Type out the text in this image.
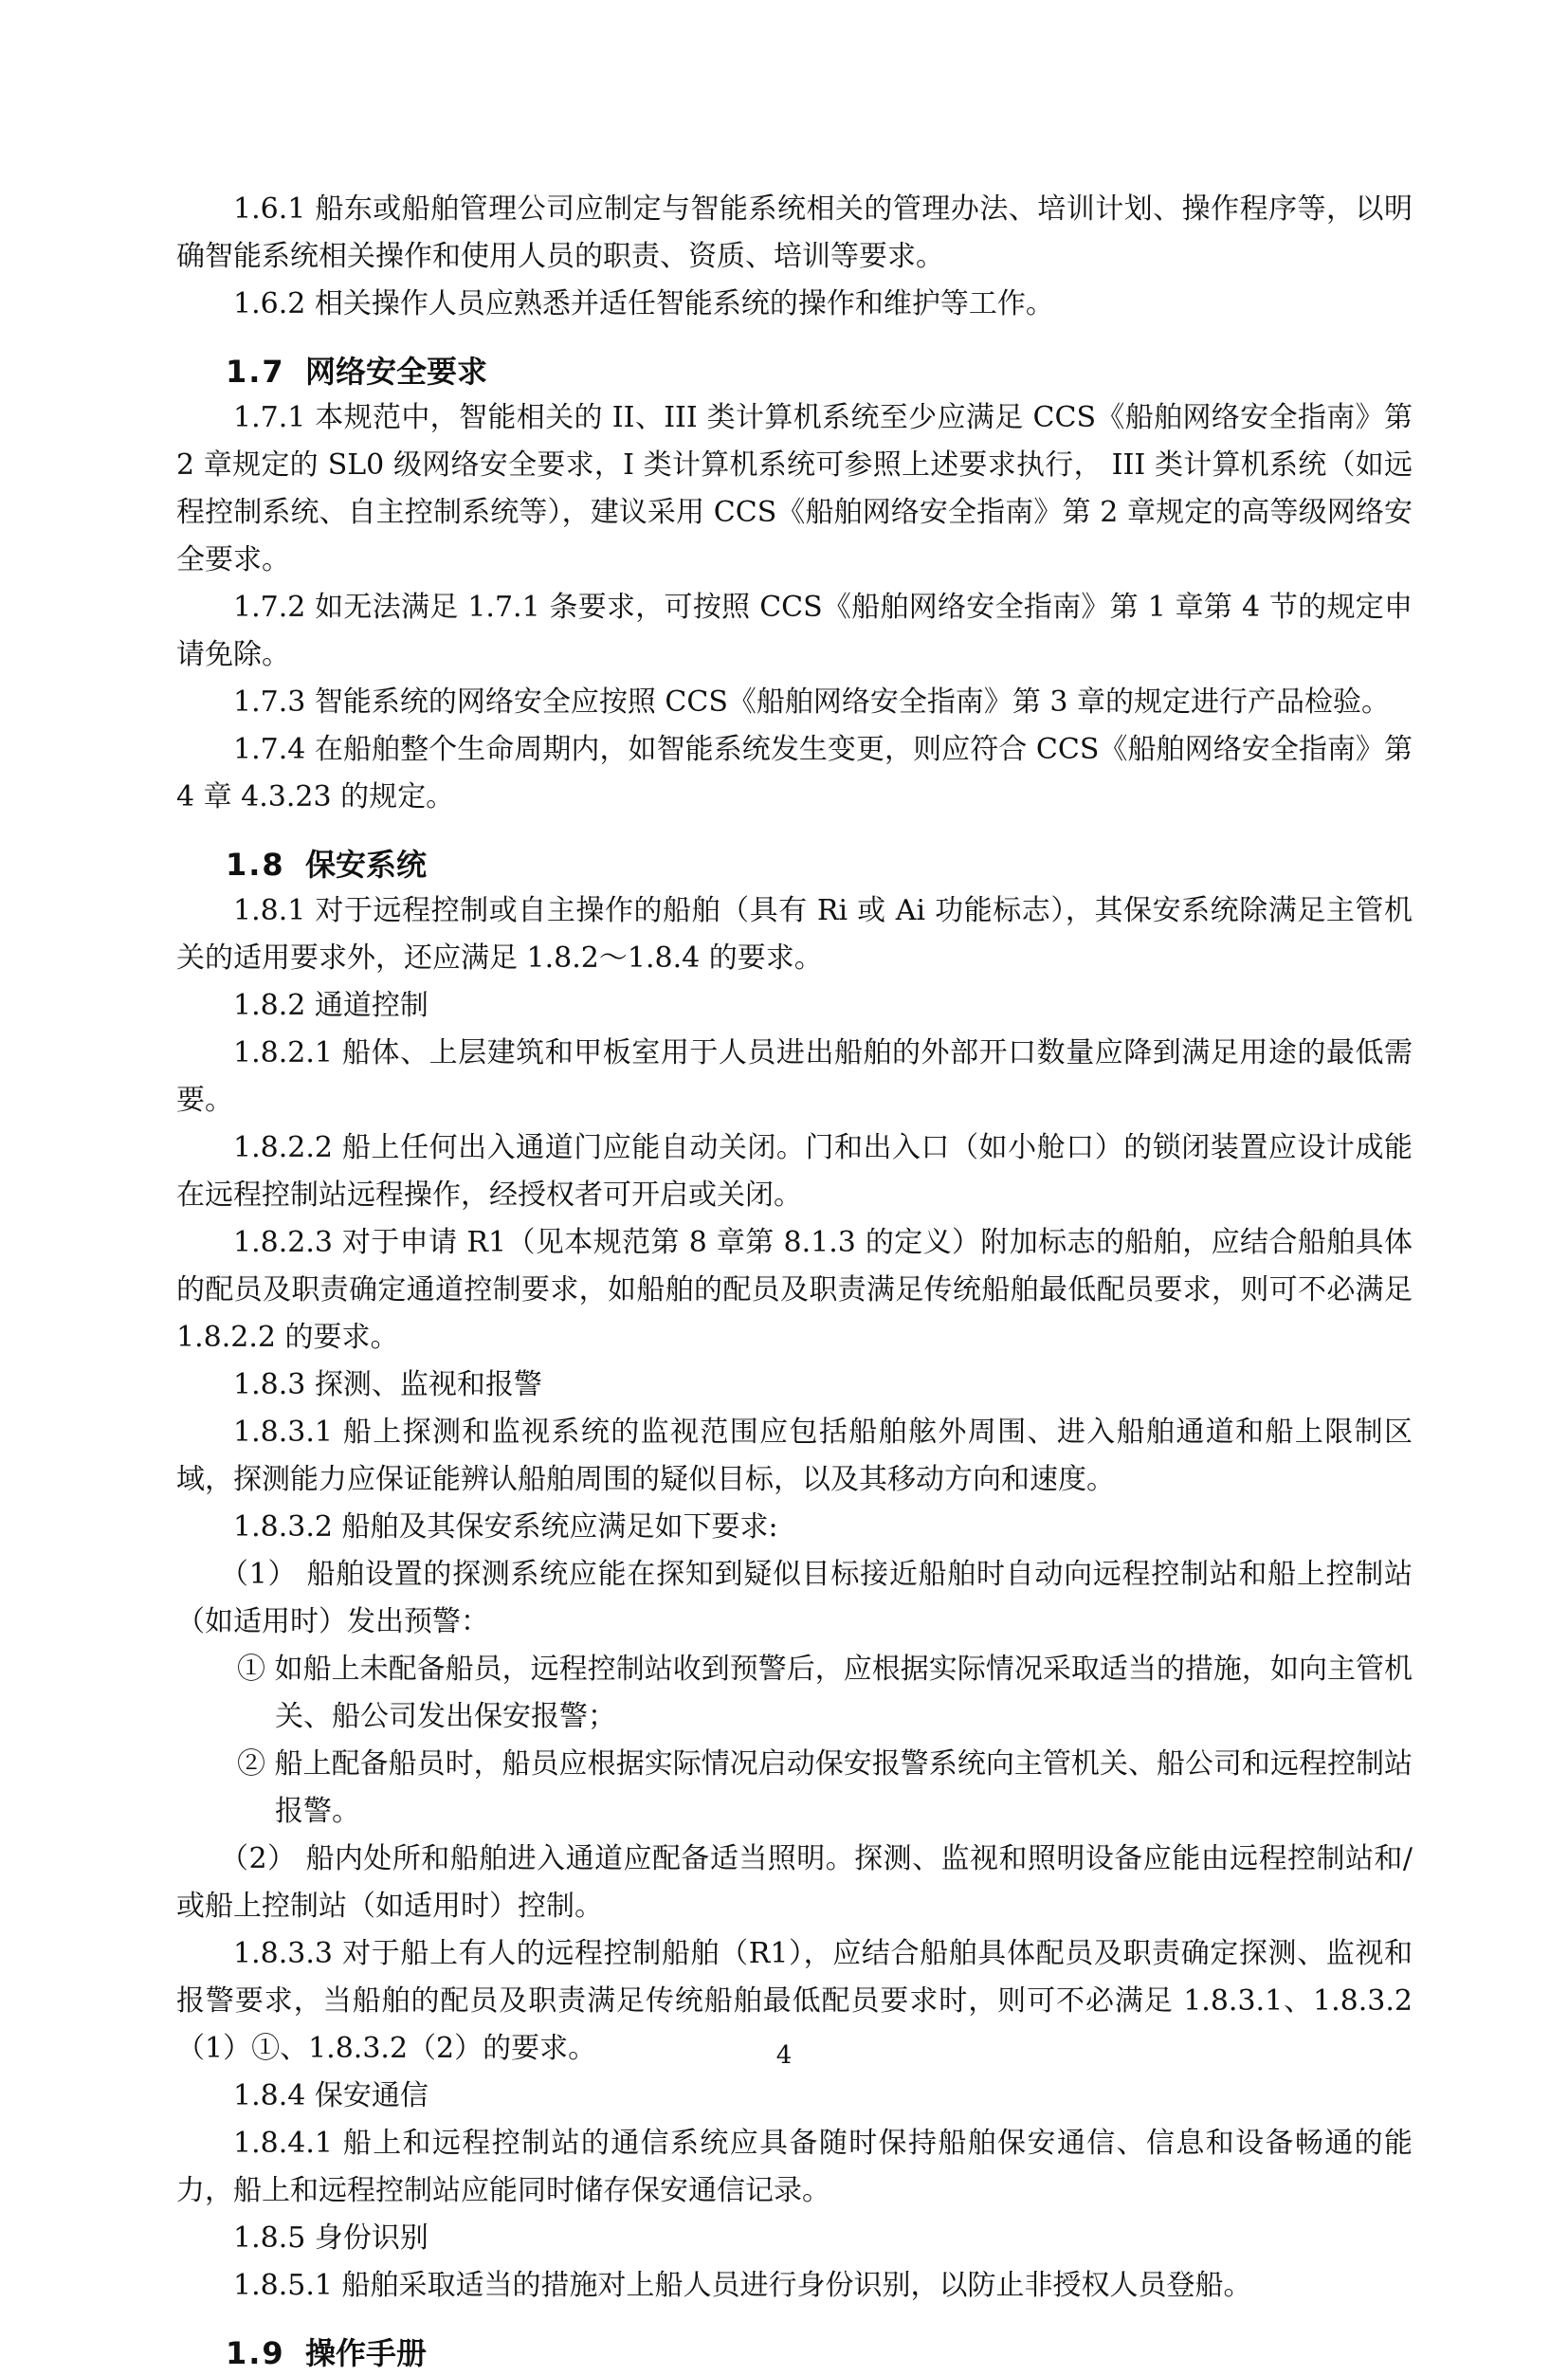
1.6.1 船东或船舶管理公司应制定与智能系统相关的管理办法、培训计划、操作程序等，以明确智能系统相关操作和使用人员的职责、资质、培训等要求。

1.6.2 相关操作人员应熟悉并适任智能系统的操作和维护等工作。

1.7 网络安全要求

1.7.1 本规范中，智能相关的 II、III 类计算机系统至少应满足 CCS《船舶网络安全指南》第 2 章规定的 SL0 级网络安全要求，I 类计算机系统可参照上述要求执行， III 类计算机系统（如远程控制系统、自主控制系统等），建议采用 CCS《船舶网络安全指南》第 2 章规定的高等级网络安全要求。

1.7.2 如无法满足 1.7.1 条要求，可按照 CCS《船舶网络安全指南》第 1 章第 4 节的规定申请免除。

1.7.3 智能系统的网络安全应按照 CCS《船舶网络安全指南》第 3 章的规定进行产品检验。

1.7.4 在船舶整个生命周期内，如智能系统发生变更，则应符合 CCS《船舶网络安全指南》第 4 章 4.3.23 的规定。

1.8 保安系统

1.8.1 对于远程控制或自主操作的船舶（具有 Ri 或 Ai 功能标志），其保安系统除满足主管机关的适用要求外，还应满足 1.8.2～1.8.4 的要求。

1.8.2 通道控制

1.8.2.1 船体、上层建筑和甲板室用于人员进出船舶的外部开口数量应降到满足用途的最低需要。

1.8.2.2 船上任何出入通道门应能自动关闭。门和出入口（如小舱口）的锁闭装置应设计成能在远程控制站远程操作，经授权者可开启或关闭。

1.8.2.3 对于申请 R1（见本规范第 8 章第 8.1.3 的定义）附加标志的船舶，应结合船舶具体的配员及职责确定通道控制要求，如船舶的配员及职责满足传统船舶最低配员要求，则可不必满足 1.8.2.2 的要求。

1.8.3 探测、监视和报警

1.8.3.1 船上探测和监视系统的监视范围应包括船舶舷外周围、进入船舶通道和船上限制区域，探测能力应保证能辨认船舶周围的疑似目标，以及其移动方向和速度。

1.8.3.2 船舶及其保安系统应满足如下要求:

（1） 船舶设置的探测系统应能在探知到疑似目标接近船舶时自动向远程控制站和船上控制站（如适用时）发出预警：

① 如船上未配备船员，远程控制站收到预警后，应根据实际情况采取适当的措施，如向主管机关、船公司发出保安报警；

② 船上配备船员时，船员应根据实际情况启动保安报警系统向主管机关、船公司和远程控制站报警。

（2） 船内处所和船舶进入通道应配备适当照明。探测、监视和照明设备应能由远程控制站和/或船上控制站（如适用时）控制。

1.8.3.3 对于船上有人的远程控制船舶（R1），应结合船舶具体配员及职责确定探测、监视和报警要求，当船舶的配员及职责满足传统船舶最低配员要求时，则可不必满足 1.8.3.1、1.8.3.2（1）①、1.8.3.2（2）的要求。

1.8.4 保安通信

1.8.4.1 船上和远程控制站的通信系统应具备随时保持船舶保安通信、信息和设备畅通的能力，船上和远程控制站应能同时储存保安通信记录。

1.8.5 身份识别

1.8.5.1 船舶采取适当的措施对上船人员进行身份识别，以防止非授权人员登船。

1.9 操作手册
4
